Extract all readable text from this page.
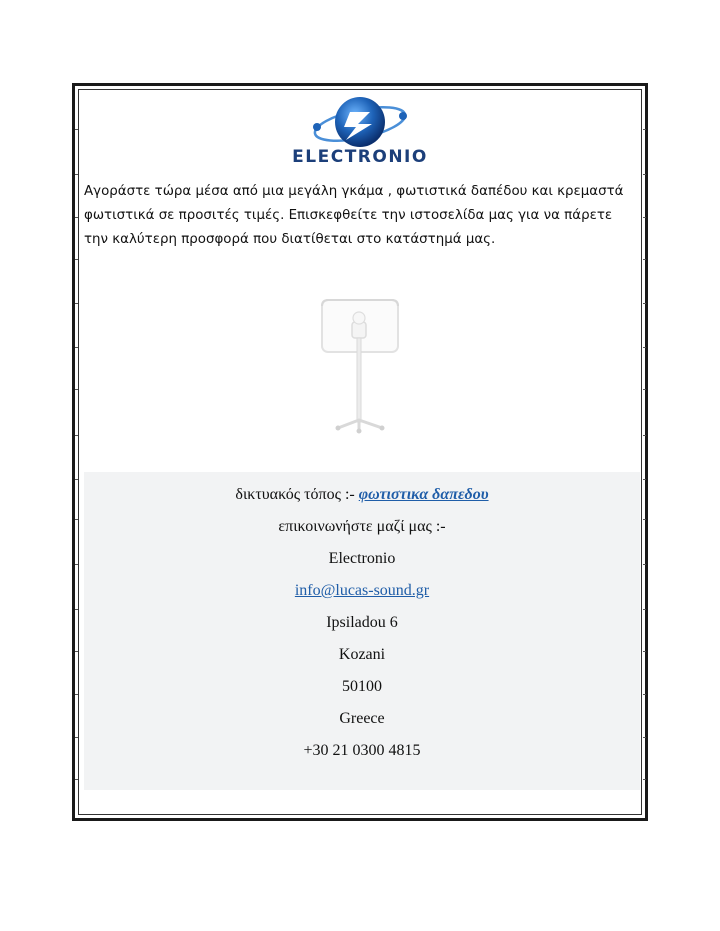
ELECTRONIO

Αγοράστε τώρα μέσα από μια μεγάλη γκάμα , φωτιστικά δαπέδου και κρεμαστά φωτιστικά σε προσιτές τιμές. Επισκεφθείτε την ιστοσελίδα μας για να πάρετε την καλύτερη προσφορά που διατίθεται στο κατάστημά μας.

δικτυακός τόπος :- φωτιστικα δαπεδου
επικοινωνήστε μαζί μας :-
Electronio
info@lucas-sound.gr
Ipsiladou 6
Kozani
50100
Greece
+30 21 0300 4815
